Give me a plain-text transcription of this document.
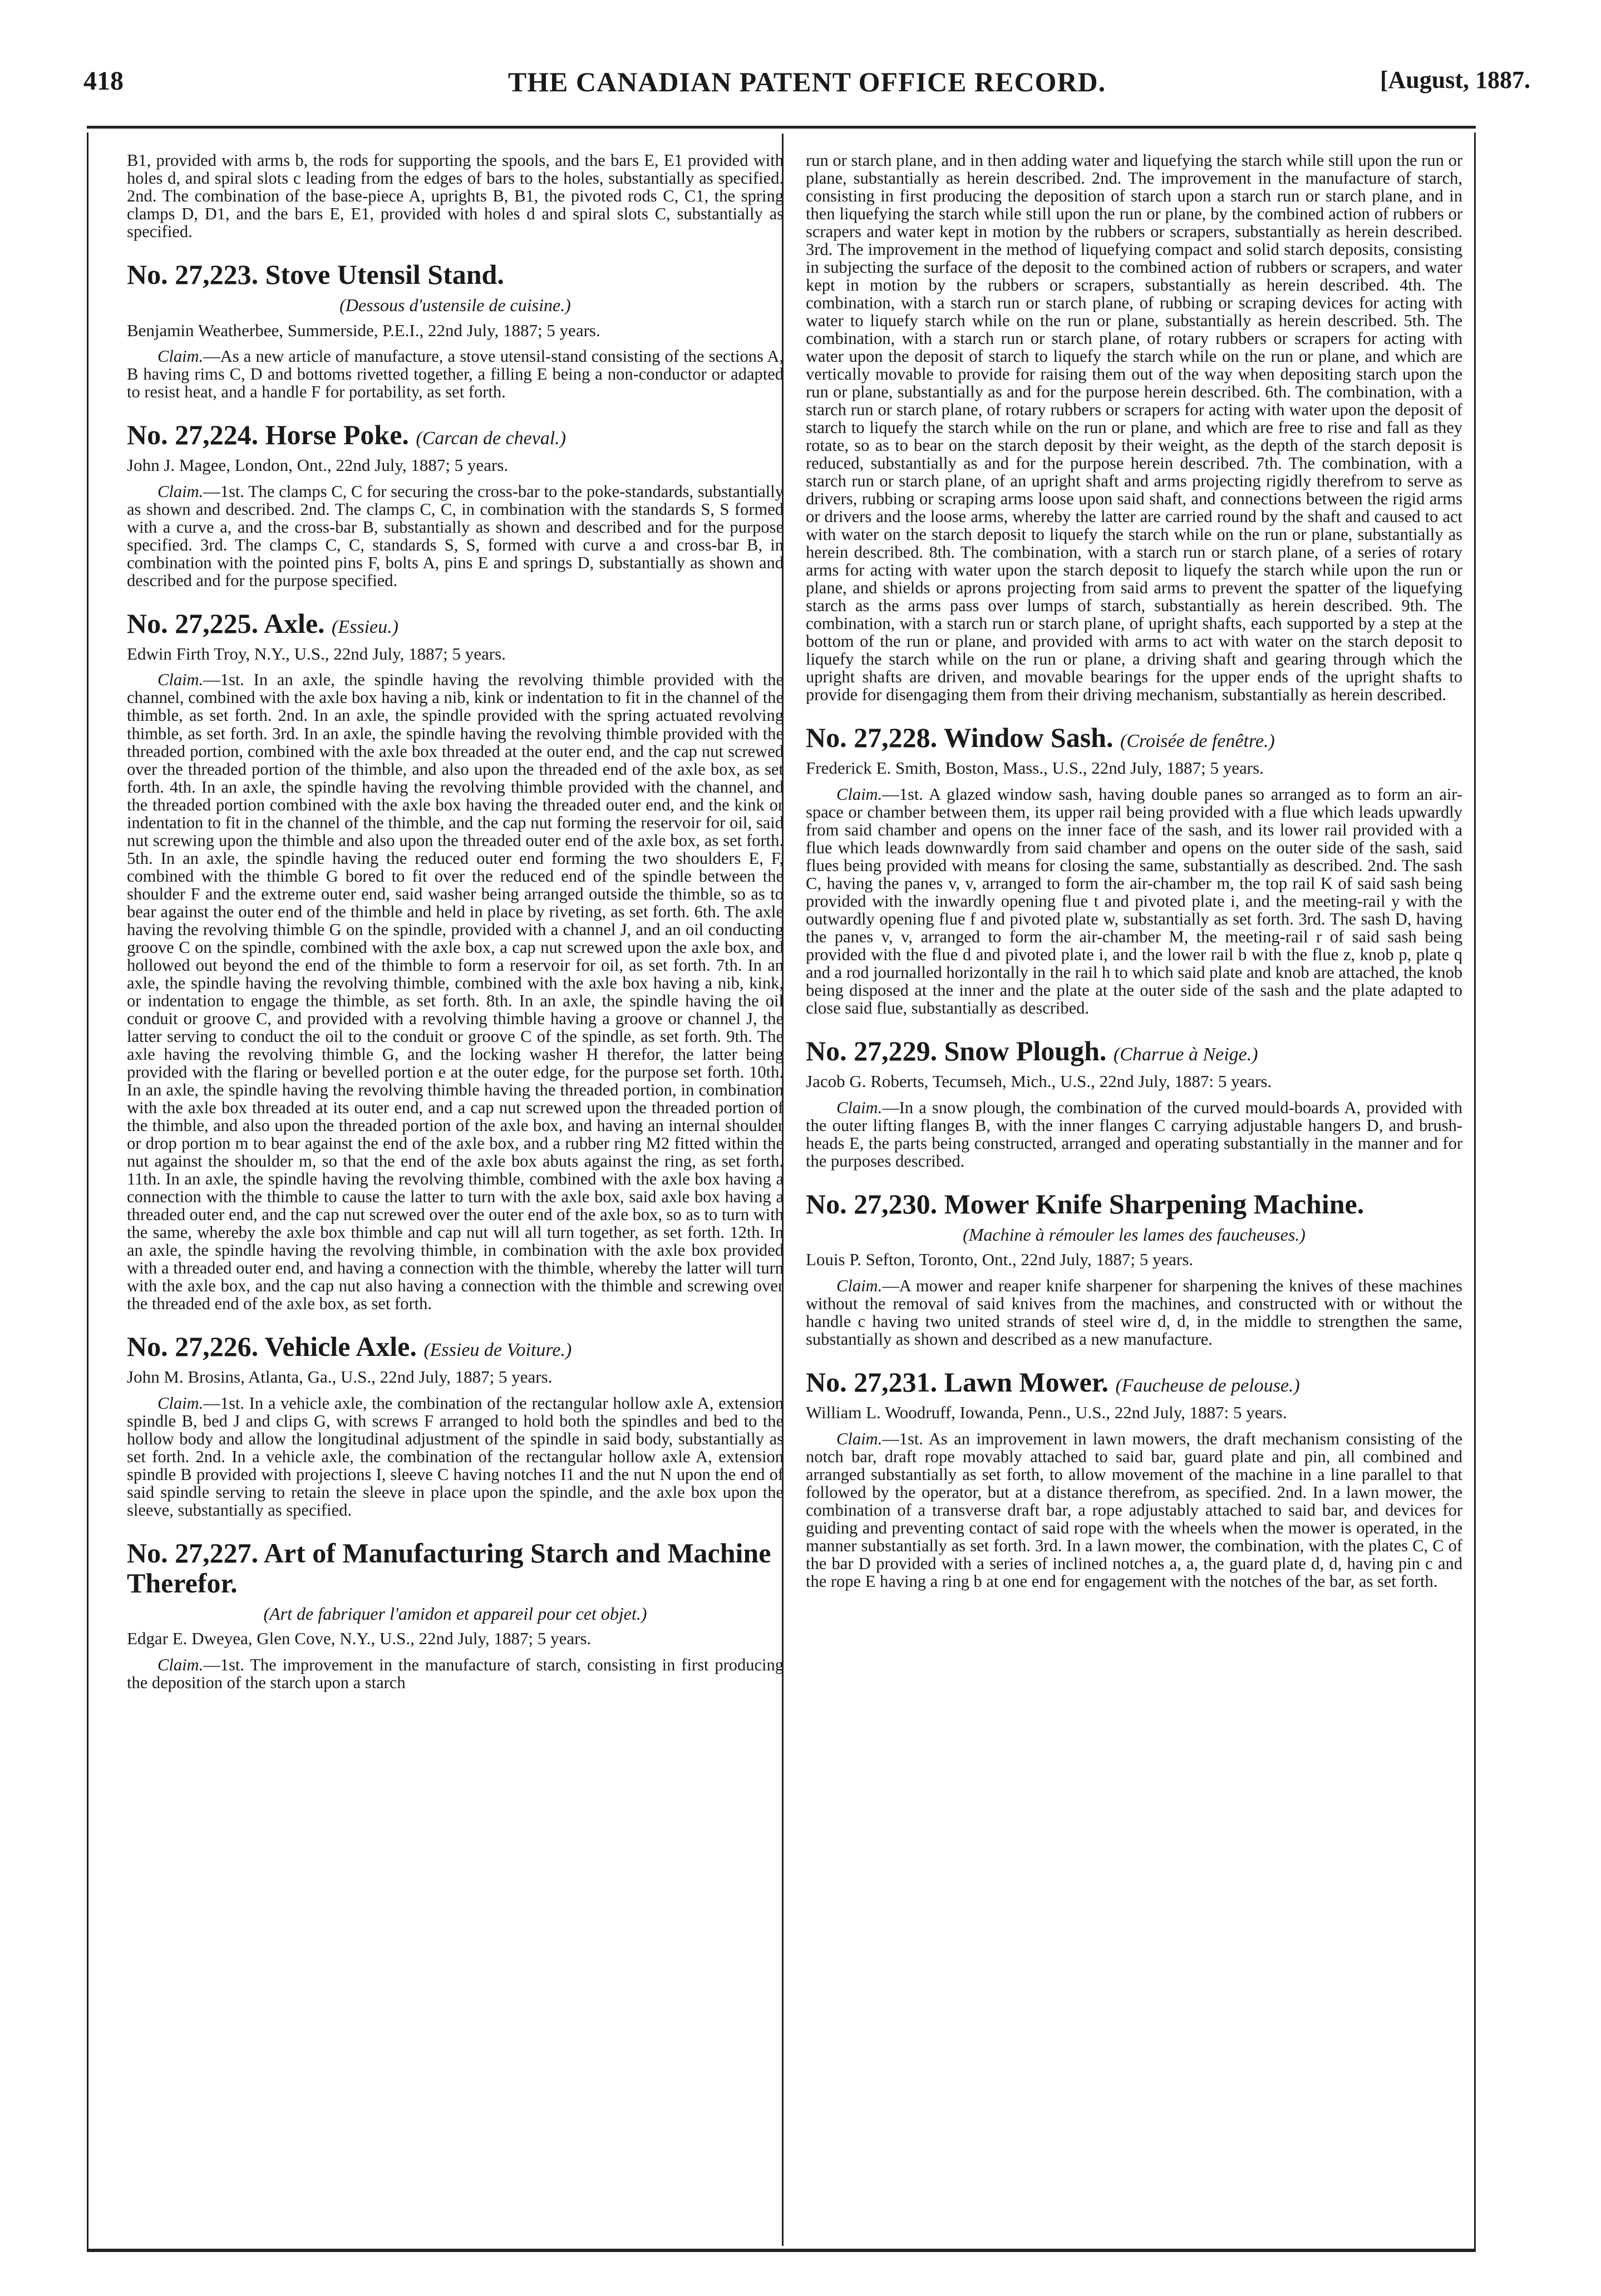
418	THE CANADIAN PATENT OFFICE RECORD.	[August, 1887.

B1, provided with arms b, the rods for supporting the spools, and the bars E, E1 provided with holes d, and spiral slots c leading from the edges of bars to the holes, substantially as specified. 2nd. The combination of the base-piece A, uprights B, B1, the pivoted rods C, C1, the spring clamps D, D1, and the bars E, E1, provided with holes d and spiral slots C, substantially as specified.

No. 27,223. Stove Utensil Stand.
(Dessous d'ustensile de cuisine.)

Benjamin Weatherbee, Summerside, P.E.I., 22nd July, 1887; 5 years.

Claim.—As a new article of manufacture, a stove utensil-stand consisting of the sections A, B having rims C, D and bottoms rivetted together, a filling E being a non-conductor or adapted to resist heat, and a handle F for portability, as set forth.

No. 27,224. Horse Poke. (Carcan de cheval.)

John J. Magee, London, Ont., 22nd July, 1887; 5 years.

Claim.—1st. The clamps C, C for securing the cross-bar to the poke-standards, substantially as shown and described. 2nd. The clamps C, C, in combination with the standards S, S formed with a curve a, and the cross-bar B, substantially as shown and described and for the purpose specified. 3rd. The clamps C, C, standards S, S, formed with curve a and cross-bar B, in combination with the pointed pins F, bolts A, pins E and springs D, substantially as shown and described and for the purpose specified.

No. 27,225. Axle. (Essieu.)

Edwin Firth Troy, N.Y., U.S., 22nd July, 1887; 5 years.

Claim.—1st. In an axle, the spindle having the revolving thimble provided with the channel, combined with the axle box having a nib, kink or indentation to fit in the channel of the thimble, as set forth. 2nd. In an axle, the spindle provided with the spring actuated revolving thimble, as set forth. 3rd. In an axle, the spindle having the revolving thimble provided with the threaded portion, combined with the axle box threaded at the outer end, and the cap nut screwed over the threaded portion of the thimble, and also upon the threaded end of the axle box, as set forth. 4th. In an axle, the spindle having the revolving thimble provided with the channel, and the threaded portion combined with the axle box having the threaded outer end, and the kink or indentation to fit in the channel of the thimble, and the cap nut forming the reservoir for oil, said nut screwing upon the thimble and also upon the threaded outer end of the axle box, as set forth. 5th. In an axle, the spindle having the reduced outer end forming the two shoulders E, F, combined with the thimble G bored to fit over the reduced end of the spindle between the shoulder F and the extreme outer end, said washer being arranged outside the thimble, so as to bear against the outer end of the thimble and held in place by riveting, as set forth. 6th. The axle having the revolving thimble G on the spindle, provided with a channel J, and an oil conducting groove C on the spindle, combined with the axle box, a cap nut screwed upon the axle box, and hollowed out beyond the end of the thimble to form a reservoir for oil, as set forth. 7th. In an axle, the spindle having the revolving thimble, combined with the axle box having a nib, kink, or indentation to engage the thimble, as set forth. 8th. In an axle, the spindle having the oil conduit or groove C, and provided with a revolving thimble having a groove or channel J, the latter serving to conduct the oil to the conduit or groove C of the spindle, as set forth. 9th. The axle having the revolving thimble G, and the locking washer H therefor, the latter being provided with the flaring or bevelled portion e at the outer edge, for the purpose set forth. 10th. In an axle, the spindle having the revolving thimble having the threaded portion, in combination with the axle box threaded at its outer end, and a cap nut screwed upon the threaded portion of the thimble, and also upon the threaded portion of the axle box, and having an internal shoulder or drop portion m to bear against the end of the axle box, and a rubber ring M2 fitted within the nut against the shoulder m, so that the end of the axle box abuts against the ring, as set forth. 11th. In an axle, the spindle having the revolving thimble, combined with the axle box having a connection with the thimble to cause the latter to turn with the axle box, said axle box having a threaded outer end, and the cap nut screwed over the outer end of the axle box, so as to turn with the same, whereby the axle box thimble and cap nut will all turn together, as set forth. 12th. In an axle, the spindle having the revolving thimble, in combination with the axle box provided with a threaded outer end, and having a connection with the thimble, whereby the latter will turn with the axle box, and the cap nut also having a connection with the thimble and screwing over the threaded end of the axle box, as set forth.

No. 27,226. Vehicle Axle. (Essieu de Voiture.)

John M. Brosins, Atlanta, Ga., U.S., 22nd July, 1887; 5 years.

Claim.—1st. In a vehicle axle, the combination of the rectangular hollow axle A, extension spindle B, bed J and clips G, with screws F arranged to hold both the spindles and bed to the hollow body and allow the longitudinal adjustment of the spindle in said body, substantially as set forth. 2nd. In a vehicle axle, the combination of the rectangular hollow axle A, extension spindle B provided with projections I, sleeve C having notches I1 and the nut N upon the end of said spindle serving to retain the sleeve in place upon the spindle, and the axle box upon the sleeve, substantially as specified.

No. 27,227. Art of Manufacturing Starch and Machine Therefor.
(Art de fabriquer l'amidon et appareil pour cet objet.)

Edgar E. Dweyea, Glen Cove, N.Y., U.S., 22nd July, 1887; 5 years.

Claim.—1st. The improvement in the manufacture of starch, consisting in first producing the deposition of the starch upon a starch

run or starch plane, and in then adding water and liquefying the starch while still upon the run or plane, substantially as herein described. 2nd. The improvement in the manufacture of starch, consisting in first producing the deposition of starch upon a starch run or starch plane, and in then liquefying the starch while still upon the run or plane, by the combined action of rubbers or scrapers and water kept in motion by the rubbers or scrapers, substantially as herein described. 3rd. The improvement in the method of liquefying compact and solid starch deposits, consisting in subjecting the surface of the deposit to the combined action of rubbers or scrapers, and water kept in motion by the rubbers or scrapers, substantially as herein described. 4th. The combination, with a starch run or starch plane, of rubbing or scraping devices for acting with water to liquefy starch while on the run or plane, substantially as herein described. 5th. The combination, with a starch run or starch plane, of rotary rubbers or scrapers for acting with water upon the deposit of starch to liquefy the starch while on the run or plane, and which are vertically movable to provide for raising them out of the way when depositing starch upon the run or plane, substantially as and for the purpose herein described. 6th. The combination, with a starch run or starch plane, of rotary rubbers or scrapers for acting with water upon the deposit of starch to liquefy the starch while on the run or plane, and which are free to rise and fall as they rotate, so as to bear on the starch deposit by their weight, as the depth of the starch deposit is reduced, substantially as and for the purpose herein described. 7th. The combination, with a starch run or starch plane, of an upright shaft and arms projecting rigidly therefrom to serve as drivers, rubbing or scraping arms loose upon said shaft, and connections between the rigid arms or drivers and the loose arms, whereby the latter are carried round by the shaft and caused to act with water on the starch deposit to liquefy the starch while on the run or plane, substantially as herein described. 8th. The combination, with a starch run or starch plane, of a series of rotary arms for acting with water upon the starch deposit to liquefy the starch while upon the run or plane, and shields or aprons projecting from said arms to prevent the spatter of the liquefying starch as the arms pass over lumps of starch, substantially as herein described. 9th. The combination, with a starch run or starch plane, of upright shafts, each supported by a step at the bottom of the run or plane, and provided with arms to act with water on the starch deposit to liquefy the starch while on the run or plane, a driving shaft and gearing through which the upright shafts are driven, and movable bearings for the upper ends of the upright shafts to provide for disengaging them from their driving mechanism, substantially as herein described.

No. 27,228. Window Sash. (Croisée de fenêtre.)

Frederick E. Smith, Boston, Mass., U.S., 22nd July, 1887; 5 years.

Claim.—1st. A glazed window sash, having double panes so arranged as to form an air-space or chamber between them, its upper rail being provided with a flue which leads upwardly from said chamber and opens on the inner face of the sash, and its lower rail provided with a flue which leads downwardly from said chamber and opens on the outer side of the sash, said flues being provided with means for closing the same, substantially as described. 2nd. The sash C, having the panes v, v, arranged to form the air-chamber m, the top rail K of said sash being provided with the inwardly opening flue t and pivoted plate i, and the meeting-rail y with the outwardly opening flue f and pivoted plate w, substantially as set forth. 3rd. The sash D, having the panes v, v, arranged to form the air-chamber M, the meeting-rail r of said sash being provided with the flue d and pivoted plate i, and the lower rail b with the flue z, knob p, plate q and a rod journalled horizontally in the rail h to which said plate and knob are attached, the knob being disposed at the inner and the plate at the outer side of the sash and the plate adapted to close said flue, substantially as described.

No. 27,229. Snow Plough. (Charrue à Neige.)

Jacob G. Roberts, Tecumseh, Mich., U.S., 22nd July, 1887: 5 years.

Claim.—In a snow plough, the combination of the curved mould-boards A, provided with the outer lifting flanges B, with the inner flanges C carrying adjustable hangers D, and brush-heads E, the parts being constructed, arranged and operating substantially in the manner and for the purposes described.

No. 27,230. Mower Knife Sharpening Machine.
(Machine à rémouler les lames des faucheuses.)

Louis P. Sefton, Toronto, Ont., 22nd July, 1887; 5 years.

Claim.—A mower and reaper knife sharpener for sharpening the knives of these machines without the removal of said knives from the machines, and constructed with or without the handle c having two united strands of steel wire d, d, in the middle to strengthen the same, substantially as shown and described as a new manufacture.

No. 27,231. Lawn Mower. (Faucheuse de pelouse.)

William L. Woodruff, Iowanda, Penn., U.S., 22nd July, 1887: 5 years.

Claim.—1st. As an improvement in lawn mowers, the draft mechanism consisting of the notch bar, draft rope movably attached to said bar, guard plate and pin, all combined and arranged substantially as set forth, to allow movement of the machine in a line parallel to that followed by the operator, but at a distance therefrom, as specified. 2nd. In a lawn mower, the combination of a transverse draft bar, a rope adjustably attached to said bar, and devices for guiding and preventing contact of said rope with the wheels when the mower is operated, in the manner substantially as set forth. 3rd. In a lawn mower, the combination, with the plates C, C of the bar D provided with a series of inclined notches a, a, the guard plate d, d, having pin c and the rope E having a ring b at one end for engagement with the notches of the bar, as set forth.
